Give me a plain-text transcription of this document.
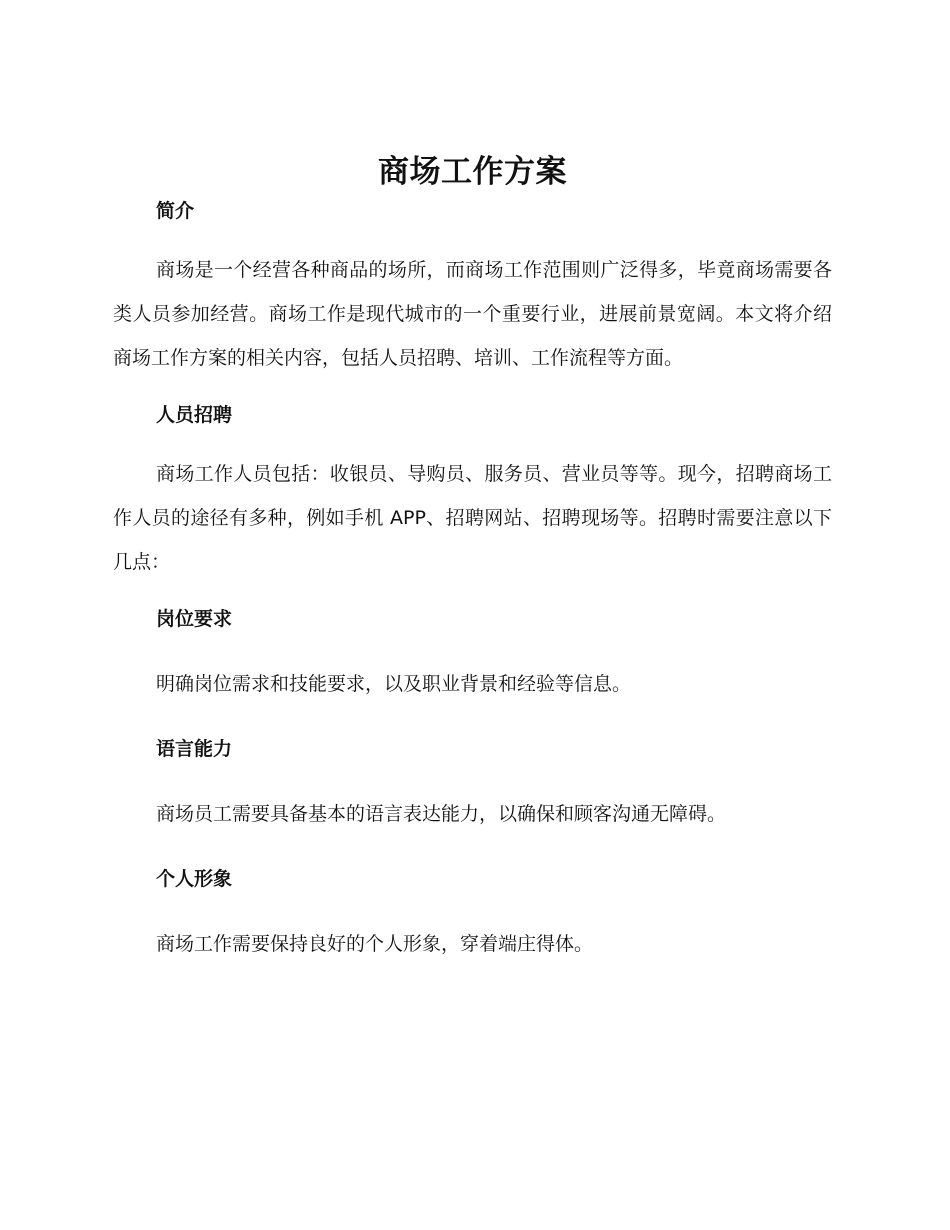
商场工作方案
简介

商场是一个经营各种商品的场所，而商场工作范围则广泛得多，毕竟商场需要各类人员参加经营。商场工作是现代城市的一个重要行业，进展前景宽阔。本文将介绍商场工作方案的相关内容，包括人员招聘、培训、工作流程等方面。

人员招聘

商场工作人员包括：收银员、导购员、服务员、营业员等等。现今，招聘商场工作人员的途径有多种，例如手机 APP、招聘网站、招聘现场等。招聘时需要注意以下几点：

岗位要求

明确岗位需求和技能要求，以及职业背景和经验等信息。

语言能力

商场员工需要具备基本的语言表达能力，以确保和顾客沟通无障碍。

个人形象

商场工作需要保持良好的个人形象，穿着端庄得体。
